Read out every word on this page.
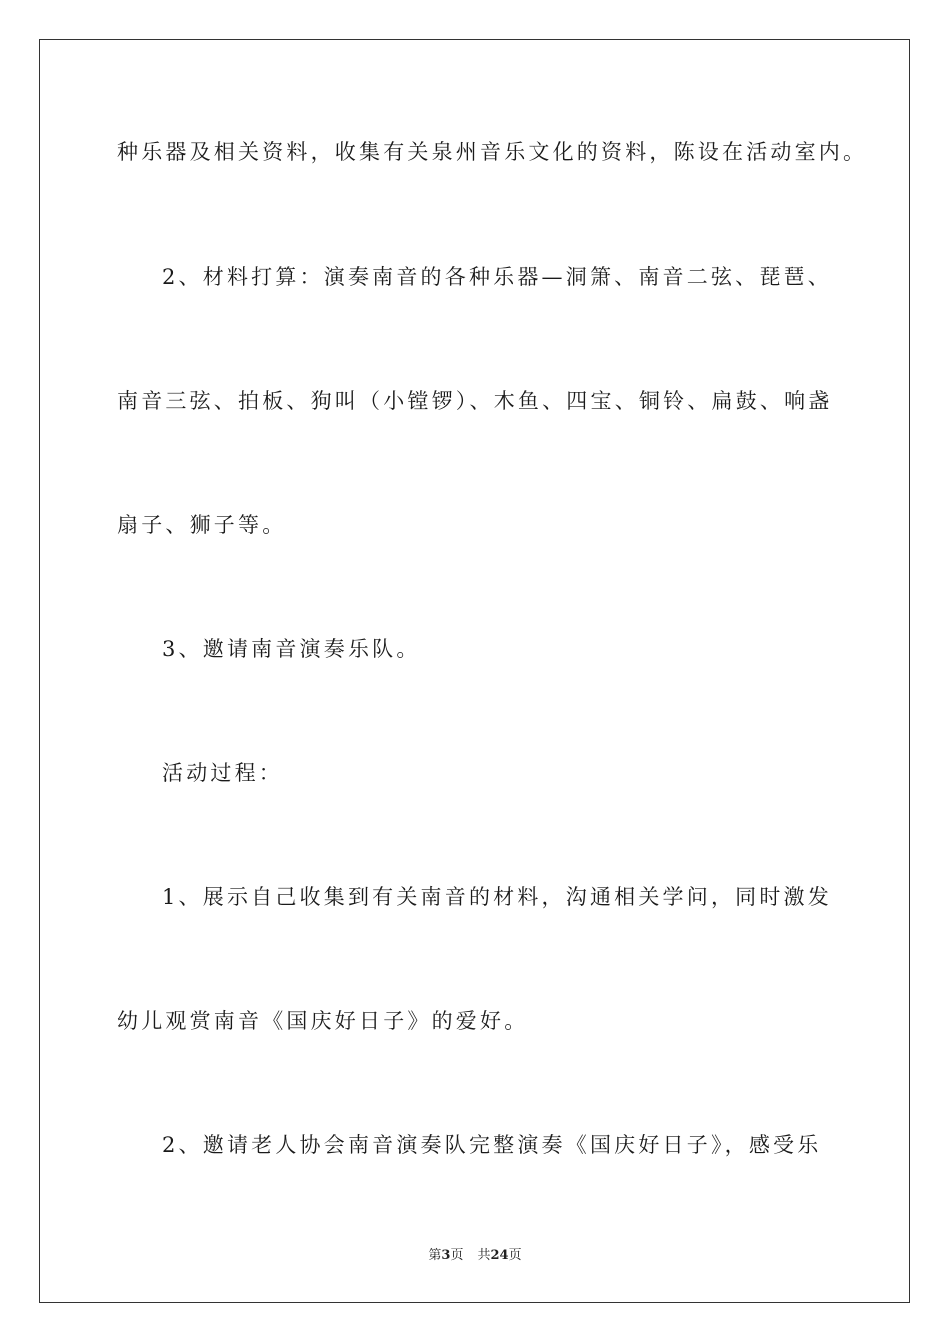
种乐器及相关资料，收集有关泉州音乐文化的资料，陈设在活动室内。
2、材料打算：演奏南音的各种乐器—洞箫、南音二弦、琵琶、
南音三弦、拍板、狗叫（小镗锣）、木鱼、四宝、铜铃、扁鼓、响盏
扇子、狮子等。
3、邀请南音演奏乐队。
活动过程：
1、展示自己收集到有关南音的材料，沟通相关学问，同时激发
幼儿观赏南音《国庆好日子》的爱好。
2、邀请老人协会南音演奏队完整演奏《国庆好日子》，感受乐
第3页 共24页
